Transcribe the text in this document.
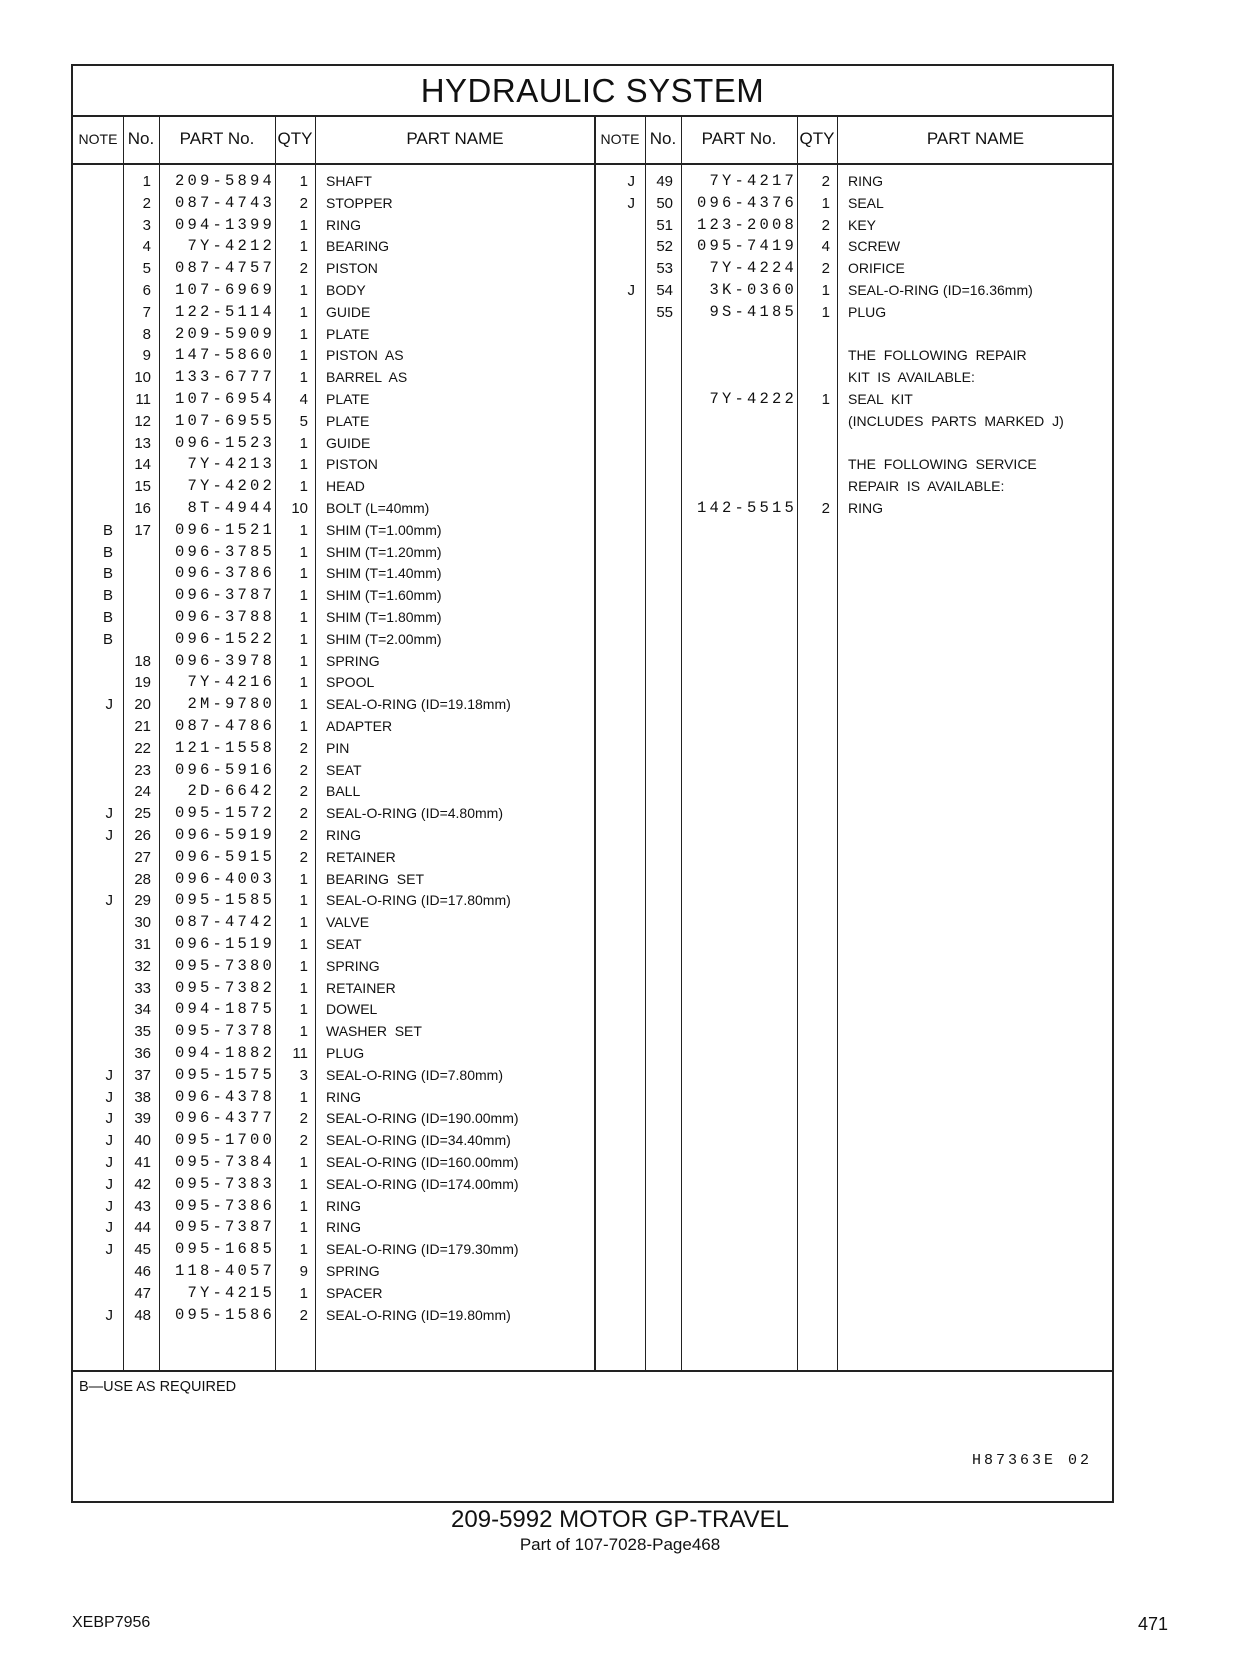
HYDRAULIC SYSTEM
NOTE No.	PART No.	QTY	PART NAME	NOTE No.	PART No.	QTY	PART NAME
1	209-5894	1 SHAFT
2	087-4743	2 STOPPER
3	094-1399	1 RING
4	7Y-4212	1 BEARING
5	087-4757	2 PISTON
6	107-6969	1 BODY
7	122-5114	1 GUIDE
8	209-5909	1 PLATE
9	147-5860	1 PISTON  AS
10	133-6777	1 BARREL  AS
11	107-6954	4 PLATE
12	107-6955	5 PLATE
13	096-1523	1 GUIDE
14	7Y-4213	1 PISTON
15	7Y-4202	1 HEAD
16	8T-4944	10 BOLT (L=40mm)
B	17	096-1521	1 SHIM (T=1.00mm)
B	096-3785	1 SHIM (T=1.20mm)
B	096-3786	1 SHIM (T=1.40mm)
B	096-3787	1 SHIM (T=1.60mm)
B	096-3788	1 SHIM (T=1.80mm)
B	096-1522	1 SHIM (T=2.00mm)
18	096-3978	1 SPRING
19	7Y-4216	1 SPOOL
J	20	2M-9780	1 SEAL-O-RING (ID=19.18mm)
21	087-4786	1 ADAPTER
22	121-1558	2 PIN
23	096-5916	2 SEAT
24	2D-6642	2 BALL
J	25	095-1572	2 SEAL-O-RING (ID=4.80mm)
J	26	096-5919	2 RING
27	096-5915	2 RETAINER
28	096-4003	1 BEARING  SET
J	29	095-1585	1 SEAL-O-RING (ID=17.80mm)
30	087-4742	1 VALVE
31	096-1519	1 SEAT
32	095-7380	1 SPRING
33	095-7382	1 RETAINER
34	094-1875	1 DOWEL
35	095-7378	1 WASHER  SET
36	094-1882	11 PLUG
J	37	095-1575	3 SEAL-O-RING (ID=7.80mm)
J	38	096-4378	1 RING
J	39	096-4377	2 SEAL-O-RING (ID=190.00mm)
J	40	095-1700	2 SEAL-O-RING (ID=34.40mm)
J	41	095-7384	1 SEAL-O-RING (ID=160.00mm)
J	42	095-7383	1 SEAL-O-RING (ID=174.00mm)
J	43	095-7386	1 RING
J	44	095-7387	1 RING
J	45	095-1685	1 SEAL-O-RING (ID=179.30mm)
46	118-4057	9 SPRING
47	7Y-4215	1 SPACER
J	48	095-1586	2 SEAL-O-RING (ID=19.80mm)
J	49	7Y-4217	2 RING
J	50	096-4376	1 SEAL
51	123-2008	2 KEY
52	095-7419	4 SCREW
53	7Y-4224	2 ORIFICE
J	54	3K-0360	1 SEAL-O-RING (ID=16.36mm)
55	9S-4185	1 PLUG
THE  FOLLOWING  REPAIR
KIT  IS  AVAILABLE:
7Y-4222	1 SEAL  KIT
(INCLUDES  PARTS  MARKED  J)
THE  FOLLOWING  SERVICE
REPAIR  IS  AVAILABLE:
142-5515	2 RING
B—USE AS REQUIRED
H87363E 02
209-5992 MOTOR GP-TRAVEL
Part of 107-7028-Page468
XEBP7956	471
